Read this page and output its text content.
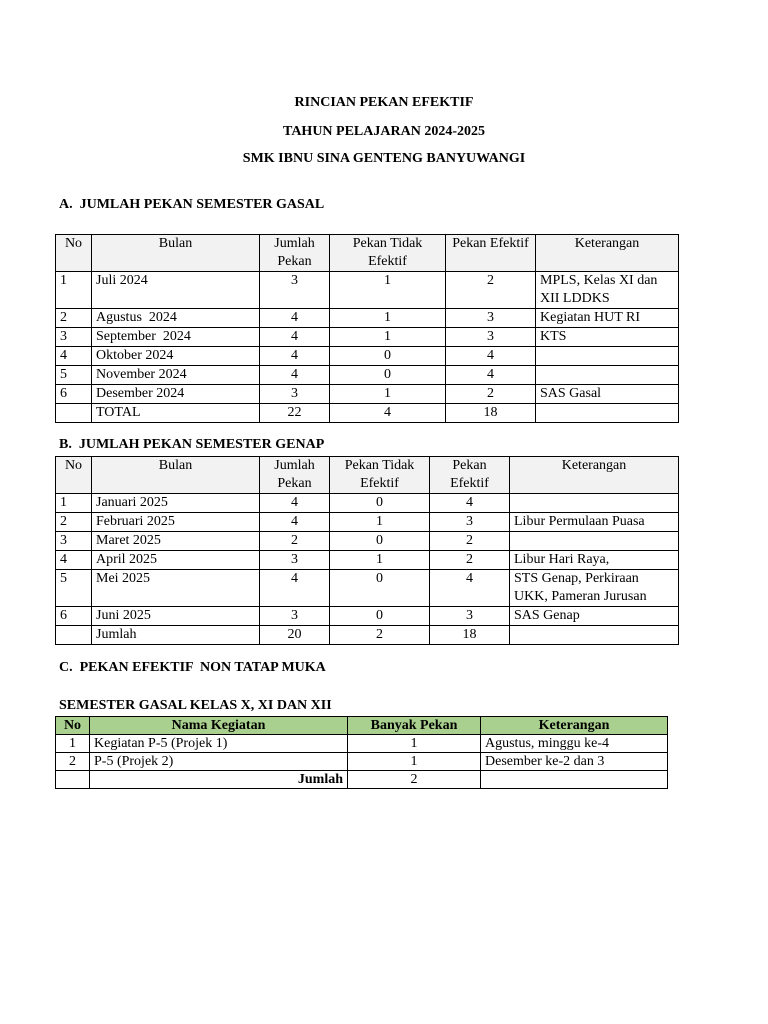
RINCIAN PEKAN EFEKTIF
TAHUN PELAJARAN 2024-2025
SMK IBNU SINA GENTENG BANYUWANGI
A.  JUMLAH PEKAN SEMESTER GASAL
No	Bulan	Jumlah Pekan	Pekan Tidak Efektif	Pekan Efektif	Keterangan
1	Juli 2024	3	1	2	MPLS, Kelas XI dan XII LDDKS
2	Agustus  2024	4	1	3	Kegiatan HUT RI
3	September  2024	4	1	3	KTS
4	Oktober 2024	4	0	4	
5	November 2024	4	0	4	
6	Desember 2024	3	1	2	SAS Gasal
	TOTAL	22	4	18	
B.  JUMLAH PEKAN SEMESTER GENAP
No	Bulan	Jumlah Pekan	Pekan Tidak Efektif	Pekan Efektif	Keterangan
1	Januari 2025	4	0	4	
2	Februari 2025	4	1	3	Libur Permulaan Puasa
3	Maret 2025	2	0	2	
4	April 2025	3	1	2	Libur Hari Raya,
5	Mei 2025	4	0	4	STS Genap, Perkiraan UKK, Pameran Jurusan
6	Juni 2025	3	0	3	SAS Genap
	Jumlah	20	2	18	
C.  PEKAN EFEKTIF  NON TATAP MUKA
SEMESTER GASAL KELAS X, XI DAN XII
No	Nama Kegiatan	Banyak Pekan	Keterangan
1	Kegiatan P-5 (Projek 1)	1	Agustus, minggu ke-4
2	P-5 (Projek 2)	1	Desember ke-2 dan 3
	Jumlah	2	
